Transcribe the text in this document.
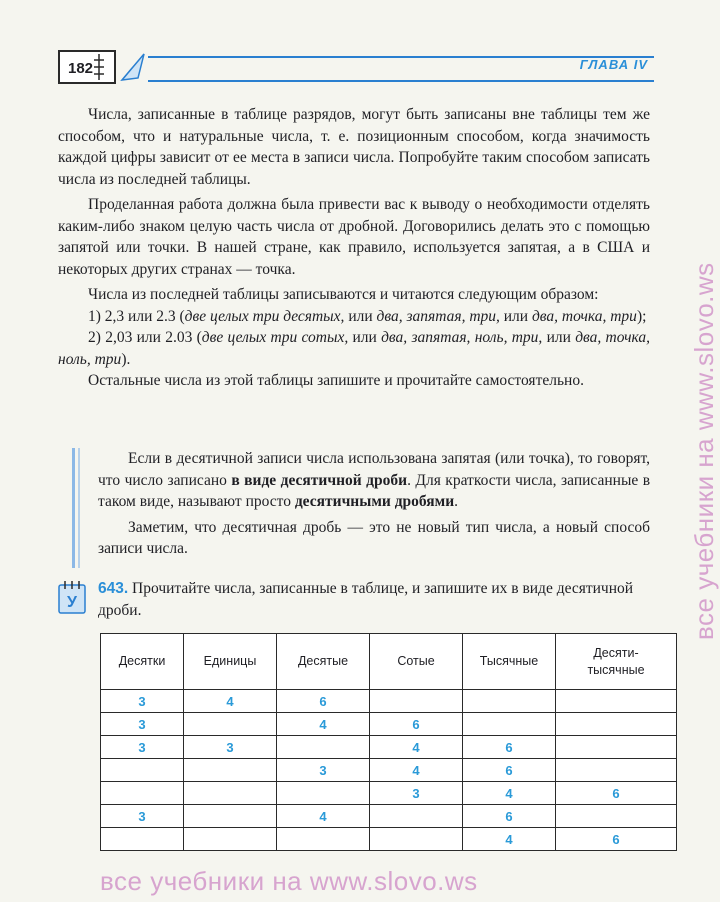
182	ГЛАВА IV

Числа, записанные в таблице разрядов, могут быть записаны вне таблицы тем же способом, что и натуральные числа, т. е. позиционным способом, когда значимость каждой цифры зависит от ее места в записи числа. Попробуйте таким способом записать числа из последней таблицы.

Проделанная работа должна была привести вас к выводу о необходимости отделять каким-либо знаком целую часть числа от дробной. Договорились делать это с помощью запятой или точки. В нашей стране, как правило, используется запятая, а в США и некоторых других странах — точка.

Числа из последней таблицы записываются и читаются следующим образом:

1) 2,3 или 2.3 (две целых три десятых, или два, запятая, три, или два, точка, три);

2) 2,03 или 2.03 (две целых три сотых, или два, запятая, ноль, три, или два, точка, ноль, три).

Остальные числа из этой таблицы запишите и прочитайте самостоятельно.

Если в десятичной записи числа использована запятая (или точка), то говорят, что число записано в виде десятичной дроби. Для краткости числа, записанные в таком виде, называют просто десятичными дробями.

Заметим, что десятичная дробь — это не новый тип числа, а новый способ записи числа.

У
643. Прочитайте числа, записанные в таблице, и запишите их в виде десятичной дроби.
Десятки	Единицы	Десятые	Сотые	Тысячные	Десяти-тысячные
3	4	6			
3		4	6		
3	3		4	6	
		3	4	6	
			3	4	6
3		4		6	
				4	6
все учебники на www.slovo.ws
все учебники на www.slovo.ws
